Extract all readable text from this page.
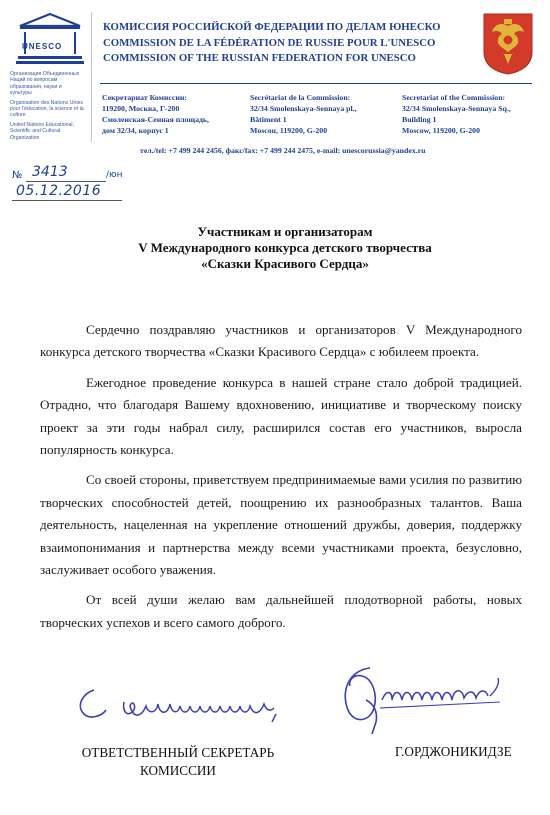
UNESCO
Организация Объединенных Наций по вопросам образования, науки и культуры
Organisation des Nations Unies pour l'éducation, la science et la culture
United Nations Educational, Scientific and Cultural Organization
КОМИССИЯ РОССИЙСКОЙ ФЕДЕРАЦИИ ПО ДЕЛАМ ЮНЕСКО
COMMISSION DE LA FÉDÉRATION DE RUSSIE POUR L'UNESCO
COMMISSION OF THE RUSSIAN FEDERATION FOR UNESCO
Секретариат Комиссии:
119200, Москва, Г-200
Смоленская-Сенная площадь,
дом 32/34, корпус 1
Secrétariat de la Commission:
32/34 Smolenskaya-Sennaya pl.,
Bâtiment 1
Moscou, 119200, G-200
Secretariat of the Commission:
32/34 Smolenskaya-Sennaya Sq.,
Building 1
Moscow, 119200, G-200
тел./tel: +7 499 244 2456, факс/fax: +7 499 244 2475, e-mail: unescorussia@yandex.ru
№ 3413	/юн
05.12.2016
Участникам и организаторам
V Международного конкурса детского творчества
«Сказки Красивого Сердца»

Сердечно поздравляю участников и организаторов V Международного конкурса детского творчества «Сказки Красивого Сердца» с юбилеем проекта.

Ежегодное проведение конкурса в нашей стране стало доброй традицией. Отрадно, что благодаря Вашему вдохновению, инициативе и творческому поиску проект за эти годы набрал силу, расширился состав его участников, выросла популярность конкурса.

Со своей стороны, приветствуем предпринимаемые вами усилия по развитию творческих способностей детей, поощрению их разнообразных талантов. Ваша деятельность, нацеленная на укрепление отношений дружбы, доверия, поддержку взаимопонимания и партнерства между всеми участниками проекта, безусловно, заслуживает особого уважения.

От всей души желаю вам дальнейшей плодотворной работы, новых творческих успехов и всего самого доброго.

ОТВЕТСТВЕННЫЙ СЕКРЕТАРЬ
КОМИССИИ
Г.ОРДЖОНИКИДЗЕ
